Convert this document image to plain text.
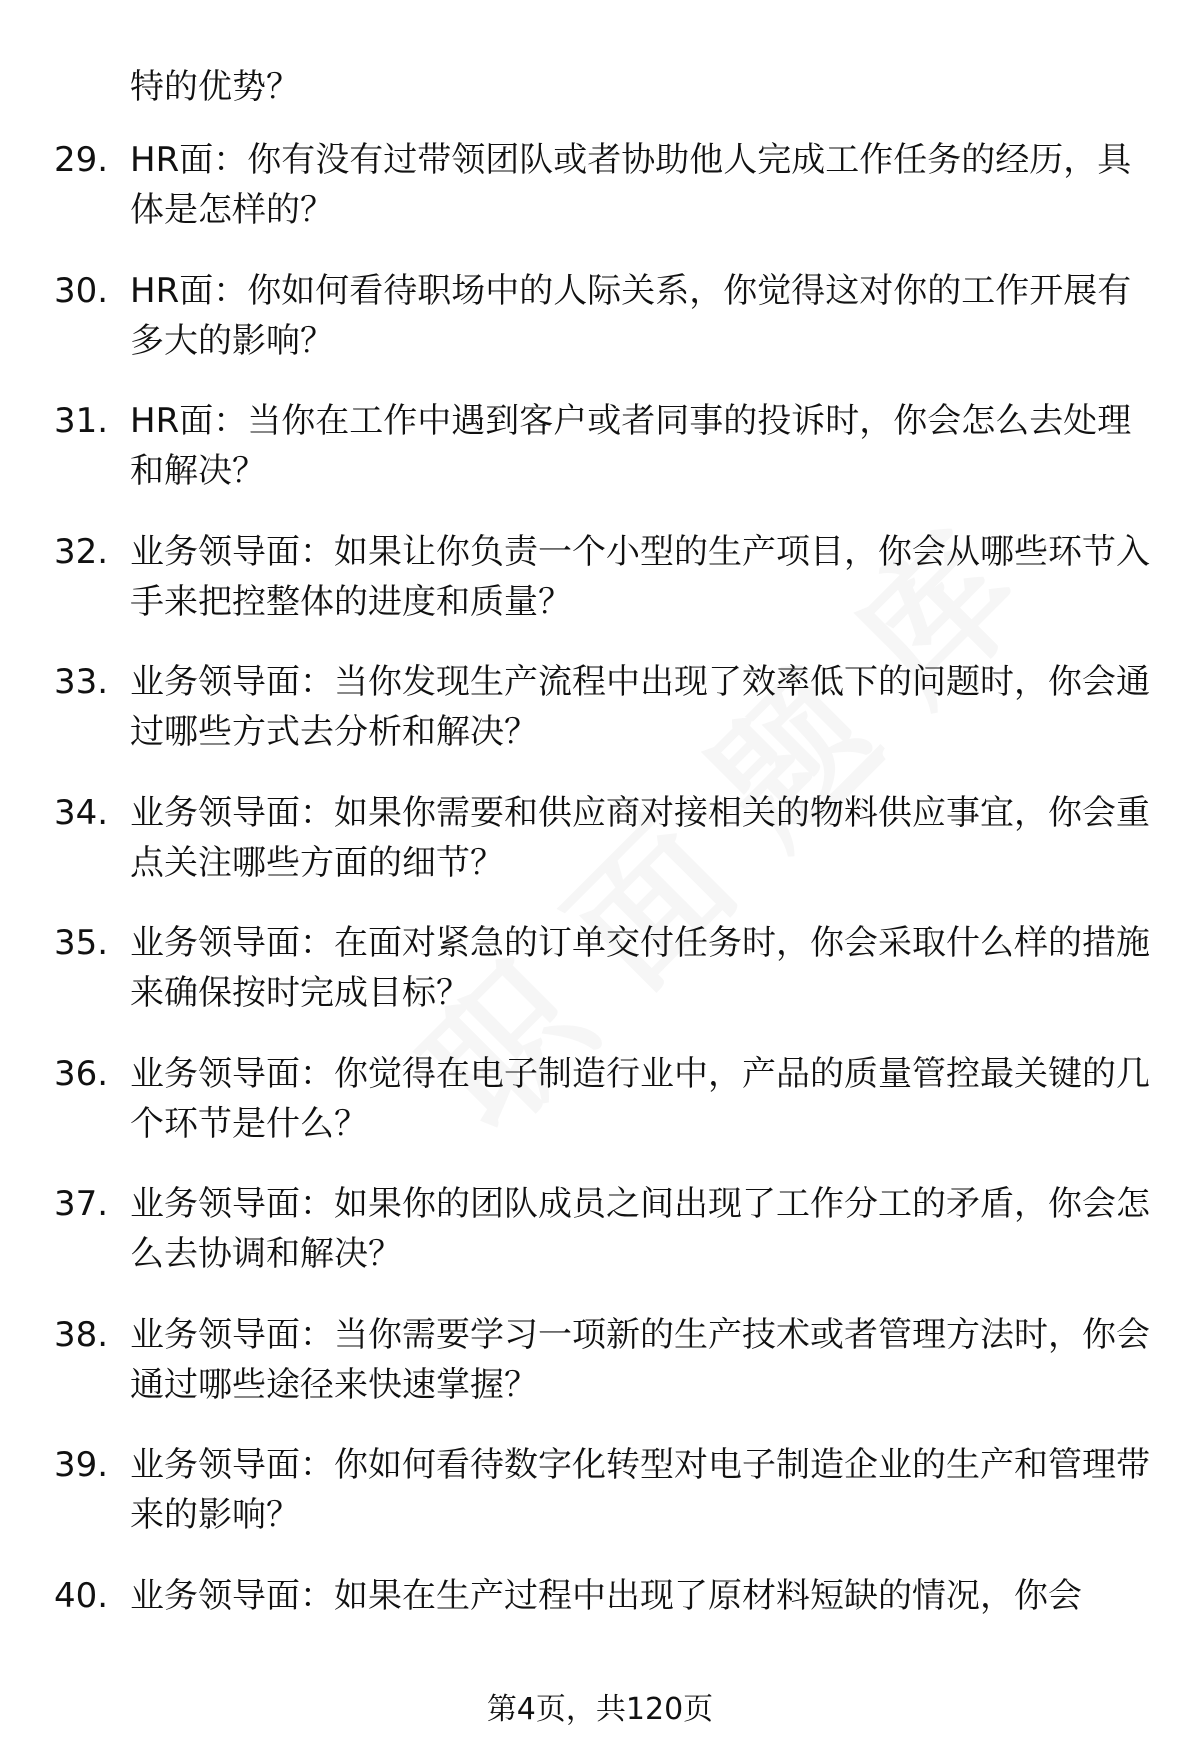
特的优势？
29. HR面：你有没有过带领团队或者协助他人完成工作任务的经历，具体是怎样的？
30. HR面：你如何看待职场中的人际关系，你觉得这对你的工作开展有多大的影响？
31. HR面：当你在工作中遇到客户或者同事的投诉时，你会怎么去处理和解决？
32. 业务领导面：如果让你负责一个小型的生产项目，你会从哪些环节入手来把控整体的进度和质量？
33. 业务领导面：当你发现生产流程中出现了效率低下的问题时，你会通过哪些方式去分析和解决？
34. 业务领导面：如果你需要和供应商对接相关的物料供应事宜，你会重点关注哪些方面的细节？
35. 业务领导面：在面对紧急的订单交付任务时，你会采取什么样的措施来确保按时完成目标？
36. 业务领导面：你觉得在电子制造行业中，产品的质量管控最关键的几个环节是什么？
37. 业务领导面：如果你的团队成员之间出现了工作分工的矛盾，你会怎么去协调和解决？
38. 业务领导面：当你需要学习一项新的生产技术或者管理方法时，你会通过哪些途径来快速掌握？
39. 业务领导面：你如何看待数字化转型对电子制造企业的生产和管理带来的影响？
40. 业务领导面：如果在生产过程中出现了原材料短缺的情况，你会
第4页，共120页
